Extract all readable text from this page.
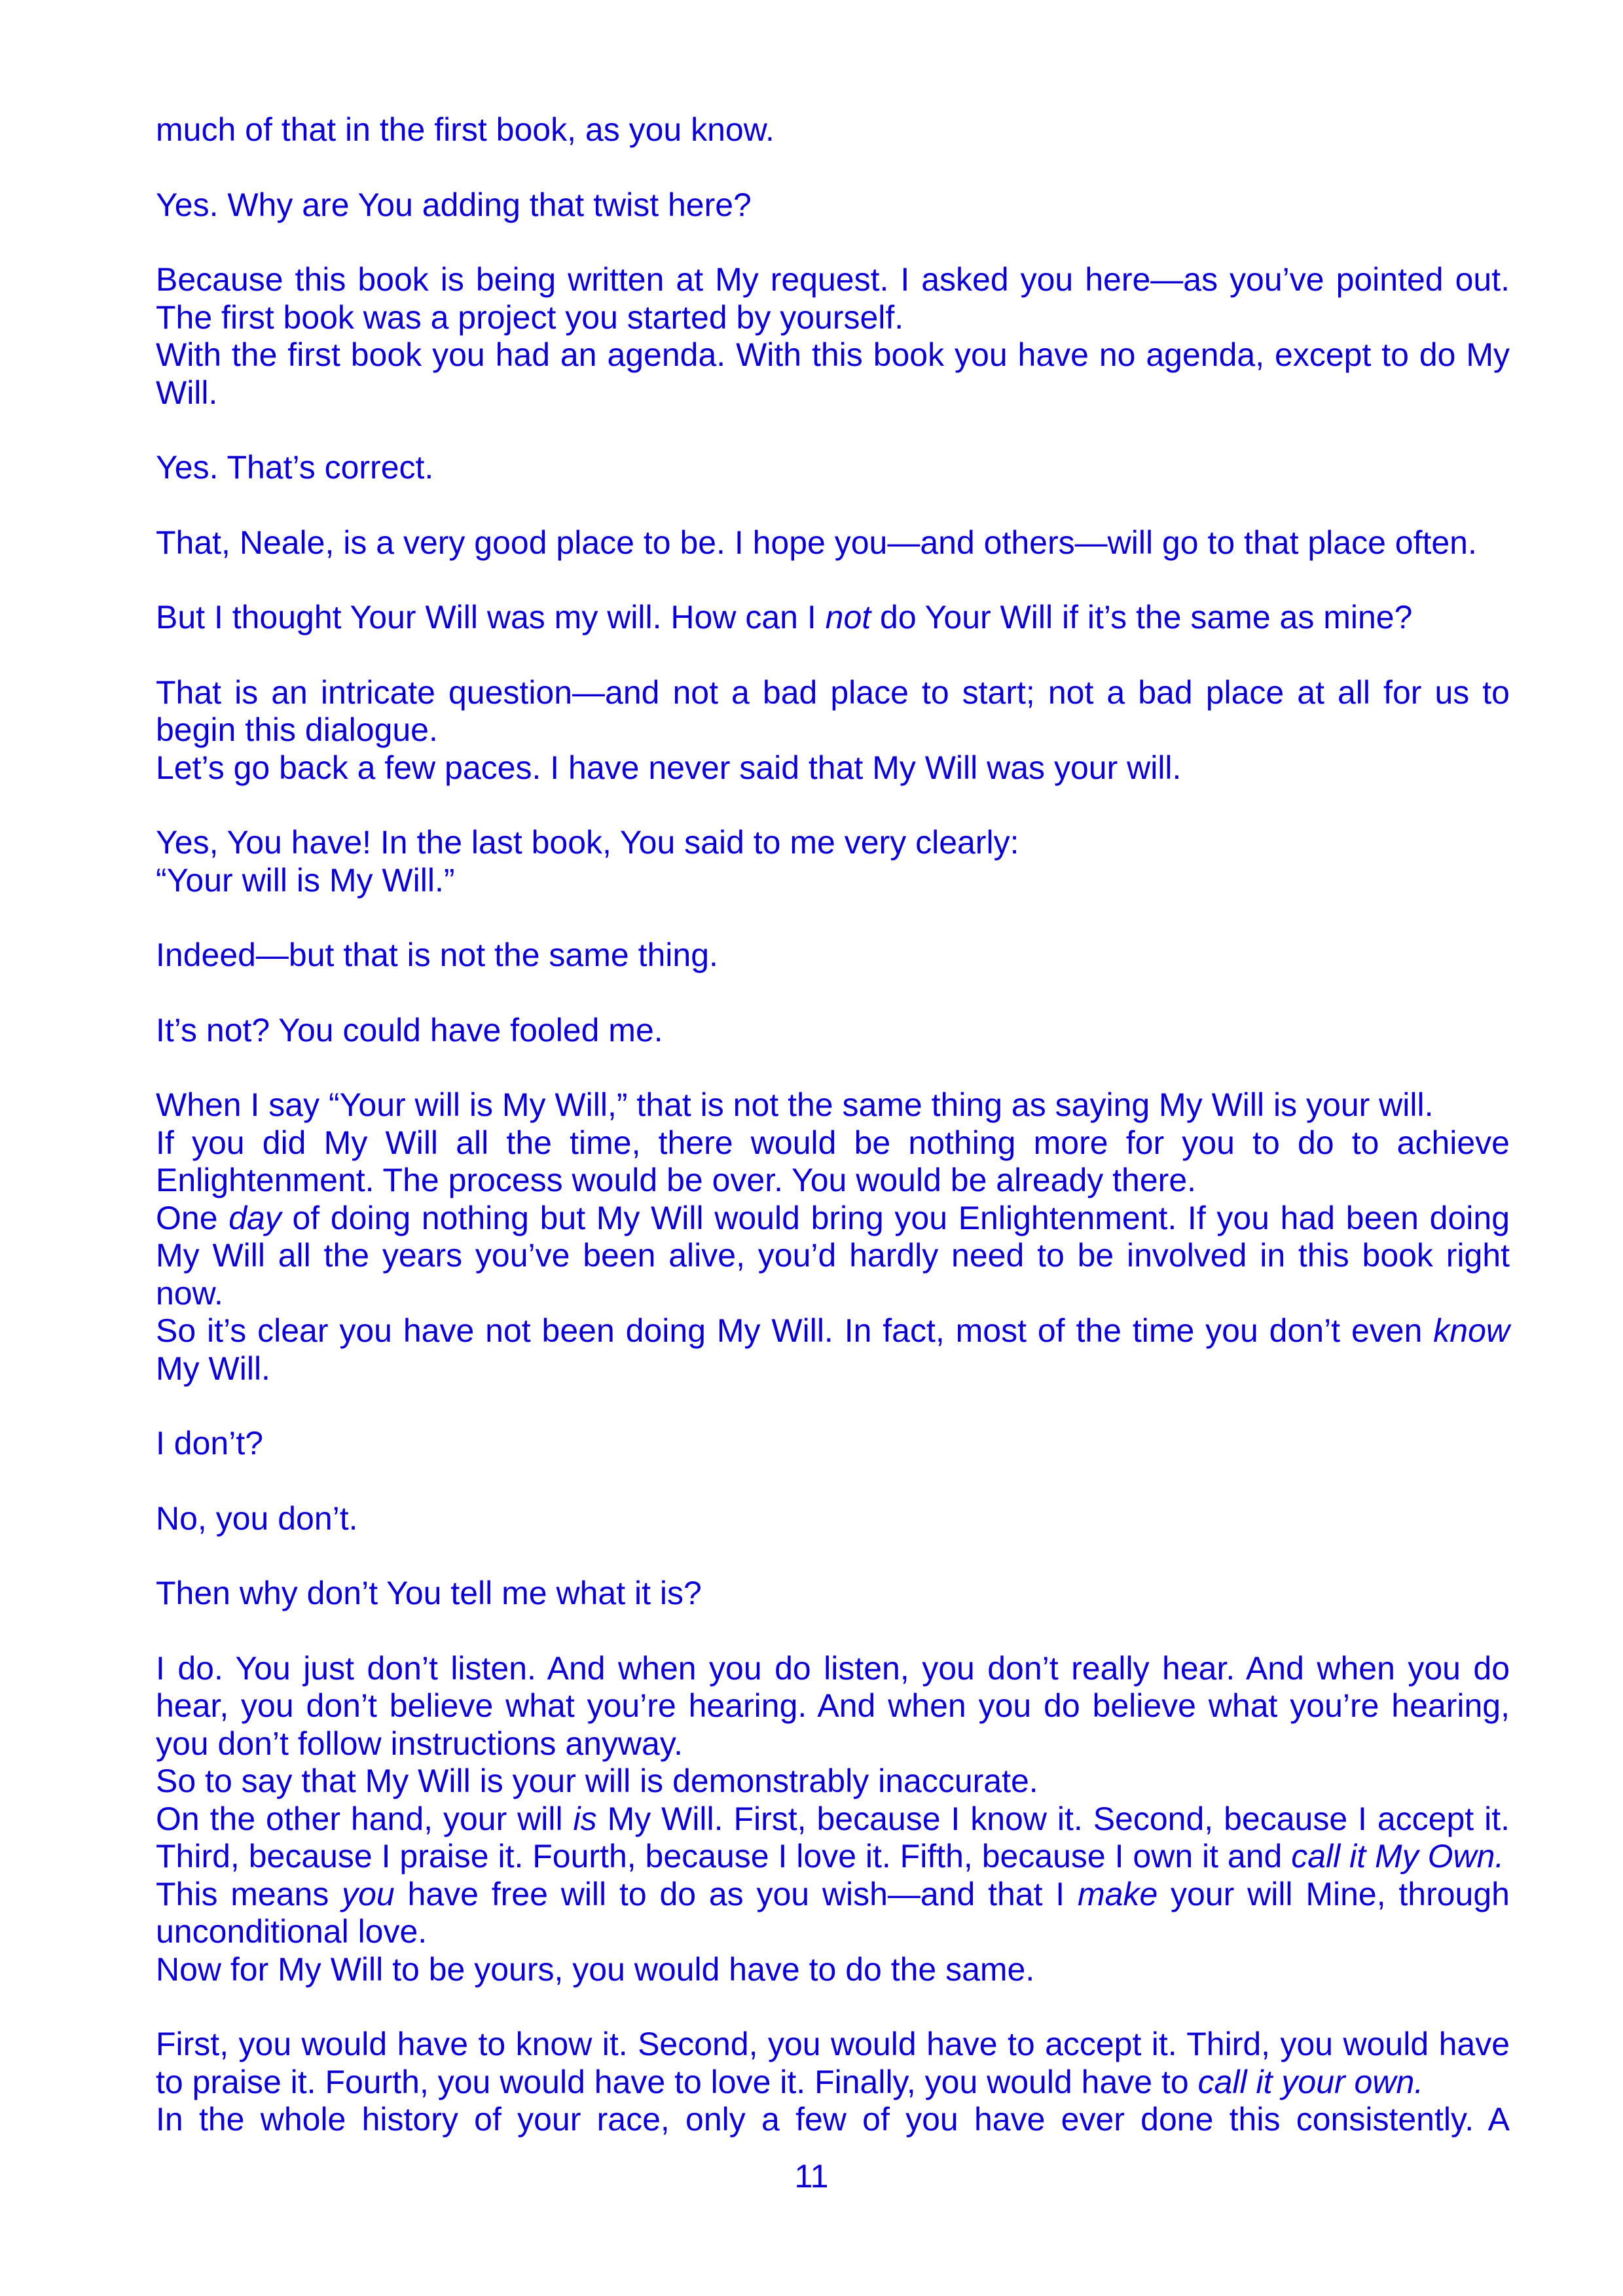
much of that in the first book, as you know.
Yes. Why are You adding that twist here?
Because this book is being written at My request. I asked you here—as you’ve pointed out.
The first book was a project you started by yourself.
With the first book you had an agenda. With this book you have no agenda, except to do My Will.
Yes. That’s correct.
That, Neale, is a very good place to be. I hope you—and others—will go to that place often.
But I thought Your Will was my will. How can I not do Your Will if it’s the same as mine?
That is an intricate question—and not a bad place to start; not a bad place at all for us to begin this dialogue.
Let’s go back a few paces. I have never said that My Will was your will.
Yes, You have! In the last book, You said to me very clearly:
“Your will is My Will.”
Indeed—but that is not the same thing.
It’s not? You could have fooled me.
When I say “Your will is My Will,” that is not the same thing as saying My Will is your will.
If you did My Will all the time, there would be nothing more for you to do to achieve Enlightenment. The process would be over. You would be already there.
One day of doing nothing but My Will would bring you Enlightenment. If you had been doing My Will all the years you’ve been alive, you’d hardly need to be involved in this book right now.
So it’s clear you have not been doing My Will. In fact, most of the time you don’t even know My Will.
I don’t?
No, you don’t.
Then why don’t You tell me what it is?
I do. You just don’t listen. And when you do listen, you don’t really hear. And when you do hear, you don’t believe what you’re hearing. And when you do believe what you’re hearing, you don’t follow instructions anyway.
So to say that My Will is your will is demonstrably inaccurate.
On the other hand, your will is My Will. First, because I know it. Second, because I accept it. Third, because I praise it. Fourth, because I love it. Fifth, because I own it and call it My Own.
This means you have free will to do as you wish—and that I make your will Mine, through unconditional love.
Now for My Will to be yours, you would have to do the same.
First, you would have to know it. Second, you would have to accept it. Third, you would have to praise it. Fourth, you would have to love it. Finally, you would have to call it your own.
In the whole history of your race, only a few of you have ever done this consistently. A
11
